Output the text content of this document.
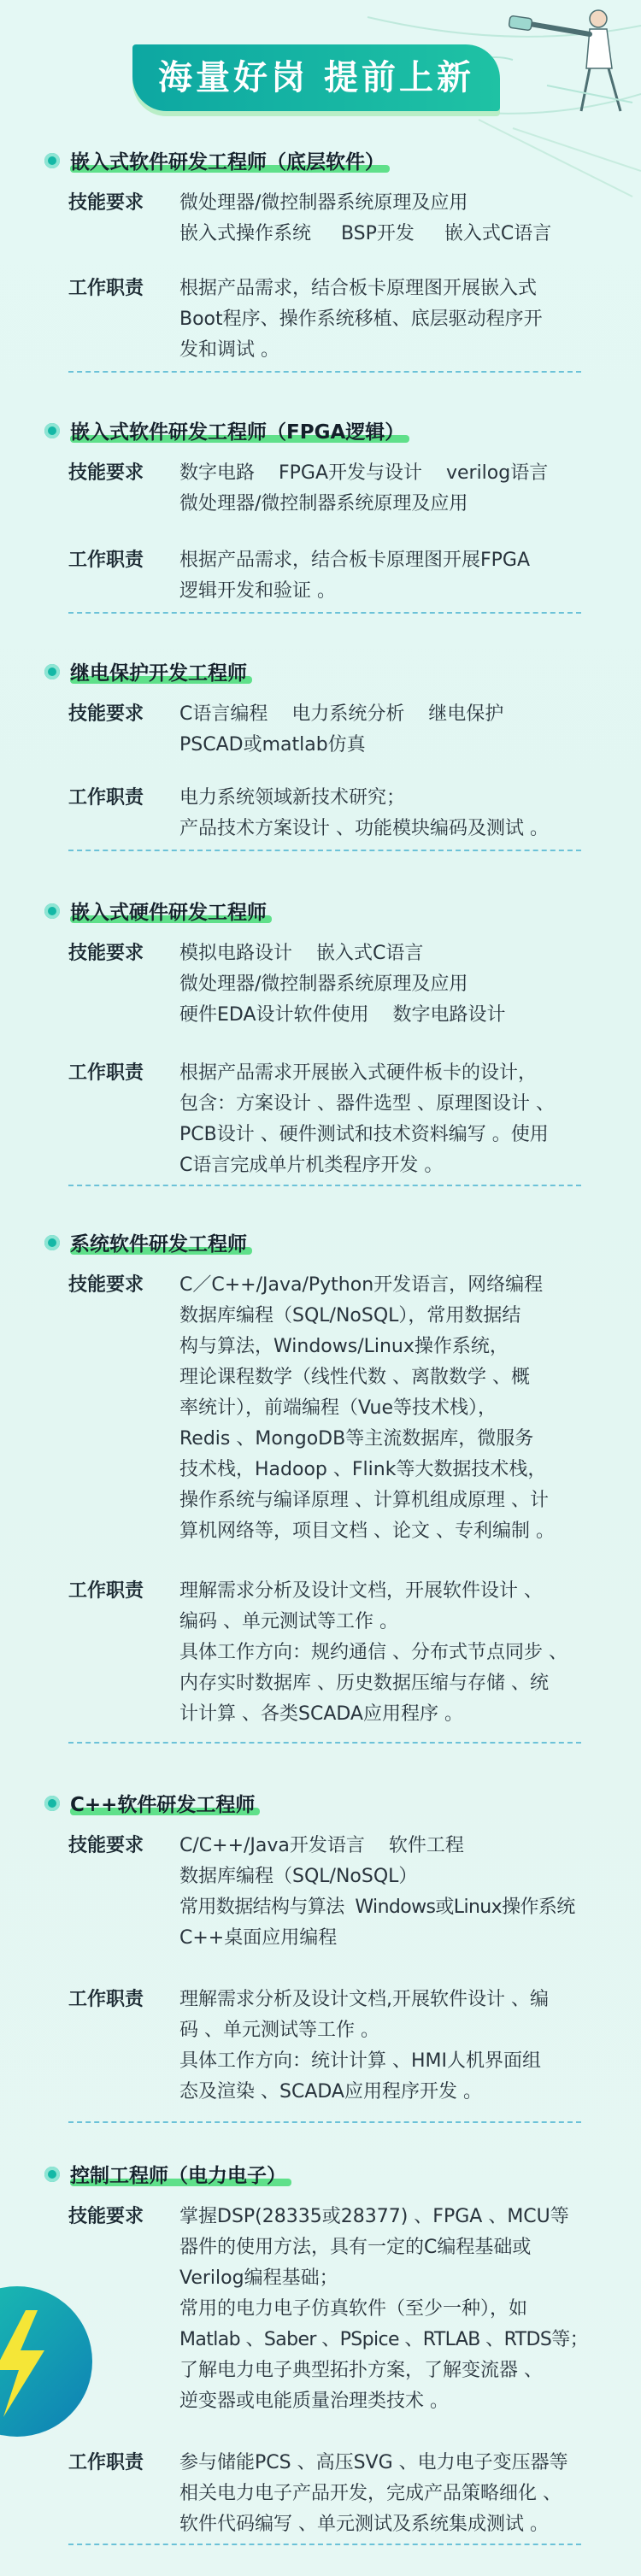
海量好岗 提前上新
嵌入式软件研发工程师（底层软件）
技能要求	微处理器/微控制器系统原理及应用
嵌入式操作系统     BSP开发     嵌入式C语言
工作职责	根据产品需求，结合板卡原理图开展嵌入式
Boot程序、操作系统移植、底层驱动程序开
发和调试 。
嵌入式软件研发工程师（FPGA逻辑）
技能要求	数字电路    FPGA开发与设计    verilog语言
微处理器/微控制器系统原理及应用
工作职责	根据产品需求，结合板卡原理图开展FPGA
逻辑开发和验证 。
继电保护开发工程师
技能要求	C语言编程    电力系统分析    继电保护
PSCAD或matlab仿真
工作职责	电力系统领域新技术研究；
产品技术方案设计 、功能模块编码及测试 。
嵌入式硬件研发工程师
技能要求	模拟电路设计    嵌入式C语言
微处理器/微控制器系统原理及应用
硬件EDA设计软件使用    数字电路设计
工作职责	根据产品需求开展嵌入式硬件板卡的设计，
包含：方案设计 、器件选型 、原理图设计 、
PCB设计 、硬件测试和技术资料编写 。使用
C语言完成单片机类程序开发 。
系统软件研发工程师
技能要求	C／C++/Java/Python开发语言，网络编程
数据库编程（SQL/NoSQL），常用数据结
构与算法，Windows/Linux操作系统，
理论课程数学（线性代数 、离散数学 、概
率统计），前端编程（Vue等技术栈），
Redis 、MongoDB等主流数据库，微服务
技术栈，Hadoop 、Flink等大数据技术栈，
操作系统与编译原理 、计算机组成原理 、计
算机网络等，项目文档 、论文 、专利编制 。
工作职责	理解需求分析及设计文档，开展软件设计 、
编码 、单元测试等工作 。
具体工作方向：规约通信 、分布式节点同步 、
内存实时数据库 、历史数据压缩与存储 、统
计计算 、各类SCADA应用程序 。
C++软件研发工程师
技能要求	C/C++/Java开发语言    软件工程
数据库编程（SQL/NoSQL）
常用数据结构与算法  Windows或Linux操作系统
C++桌面应用编程
工作职责	理解需求分析及设计文档,开展软件设计 、编
码 、单元测试等工作 。
具体工作方向：统计计算 、HMI人机界面组
态及渲染 、SCADA应用程序开发 。
控制工程师（电力电子）
技能要求	掌握DSP(28335或28377) 、FPGA 、MCU等
器件的使用方法，具有一定的C编程基础或
Verilog编程基础；
常用的电力电子仿真软件（至少一种），如
Matlab 、Saber 、PSpice 、RTLAB 、RTDS等；
了解电力电子典型拓扑方案，了解变流器 、
逆变器或电能质量治理类技术 。
工作职责	参与储能PCS 、高压SVG 、电力电子变压器等
相关电力电子产品开发，完成产品策略细化 、
软件代码编写 、单元测试及系统集成测试 。
